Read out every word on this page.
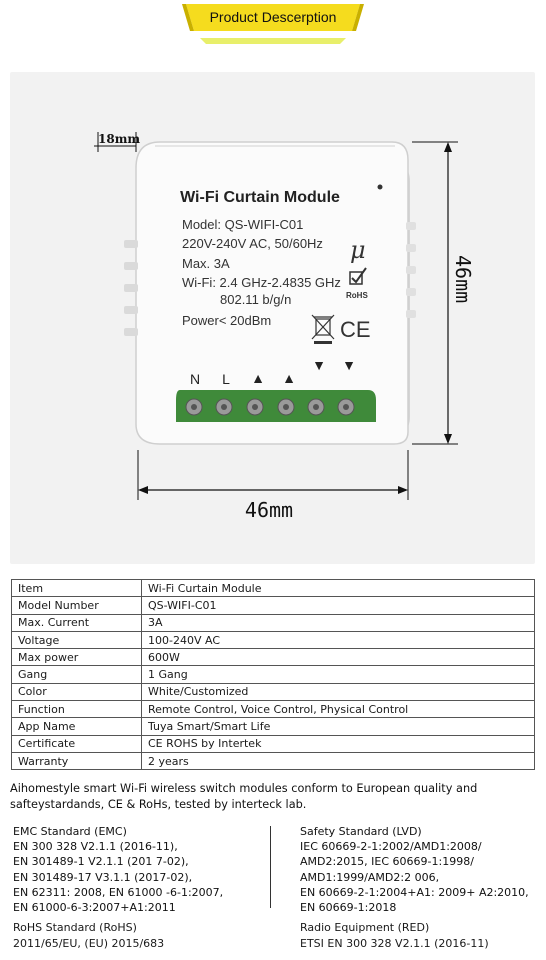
Product Descerption
Wi-Fi Curtain Module
Model: QS-WIFI-C01
220V-240V AC, 50/60Hz
Max. 3A
Wi-Fi: 2.4 GHz-2.4835 GHz
802.11 b/g/n
Power< 20dBm
μ
RoHS
CE
N L ▲ ▲
▼ ▼
18mm
46mm
46mm
Item	Wi-Fi Curtain Module
Model Number	QS-WIFI-C01
Max. Current	3A
Voltage	100-240V AC
Max power	600W
Gang	1 Gang
Color	White/Customized
Function	Remote Control, Voice Control, Physical Control
App Name	Tuya Smart/Smart Life
Certificate	CE ROHS by Intertek
Warranty	2 years
Aihomestyle smart Wi-Fi wireless switch modules conform to European quality and
safteystardands, CE & RoHs, tested by interteck lab.
EMC Standard (EMC)
EN 300 328 V2.1.1 (2016-11),
EN 301489-1 V2.1.1 (201 7-02),
EN 301489-17 V3.1.1 (2017-02),
EN 62311: 2008, EN 61000 -6-1:2007,
EN 61000-6-3:2007+A1:2011
Safety Standard (LVD)
IEC 60669-2-1:2002/AMD1:2008/
AMD2:2015, IEC 60669-1:1998/
AMD1:1999/AMD2:2 006,
EN 60669-2-1:2004+A1: 2009+ A2:2010,
EN 60669-1:2018
RoHS Standard (RoHS)
2011/65/EU, (EU) 2015/683
Radio Equipment (RED)
ETSI EN 300 328 V2.1.1 (2016-11)
